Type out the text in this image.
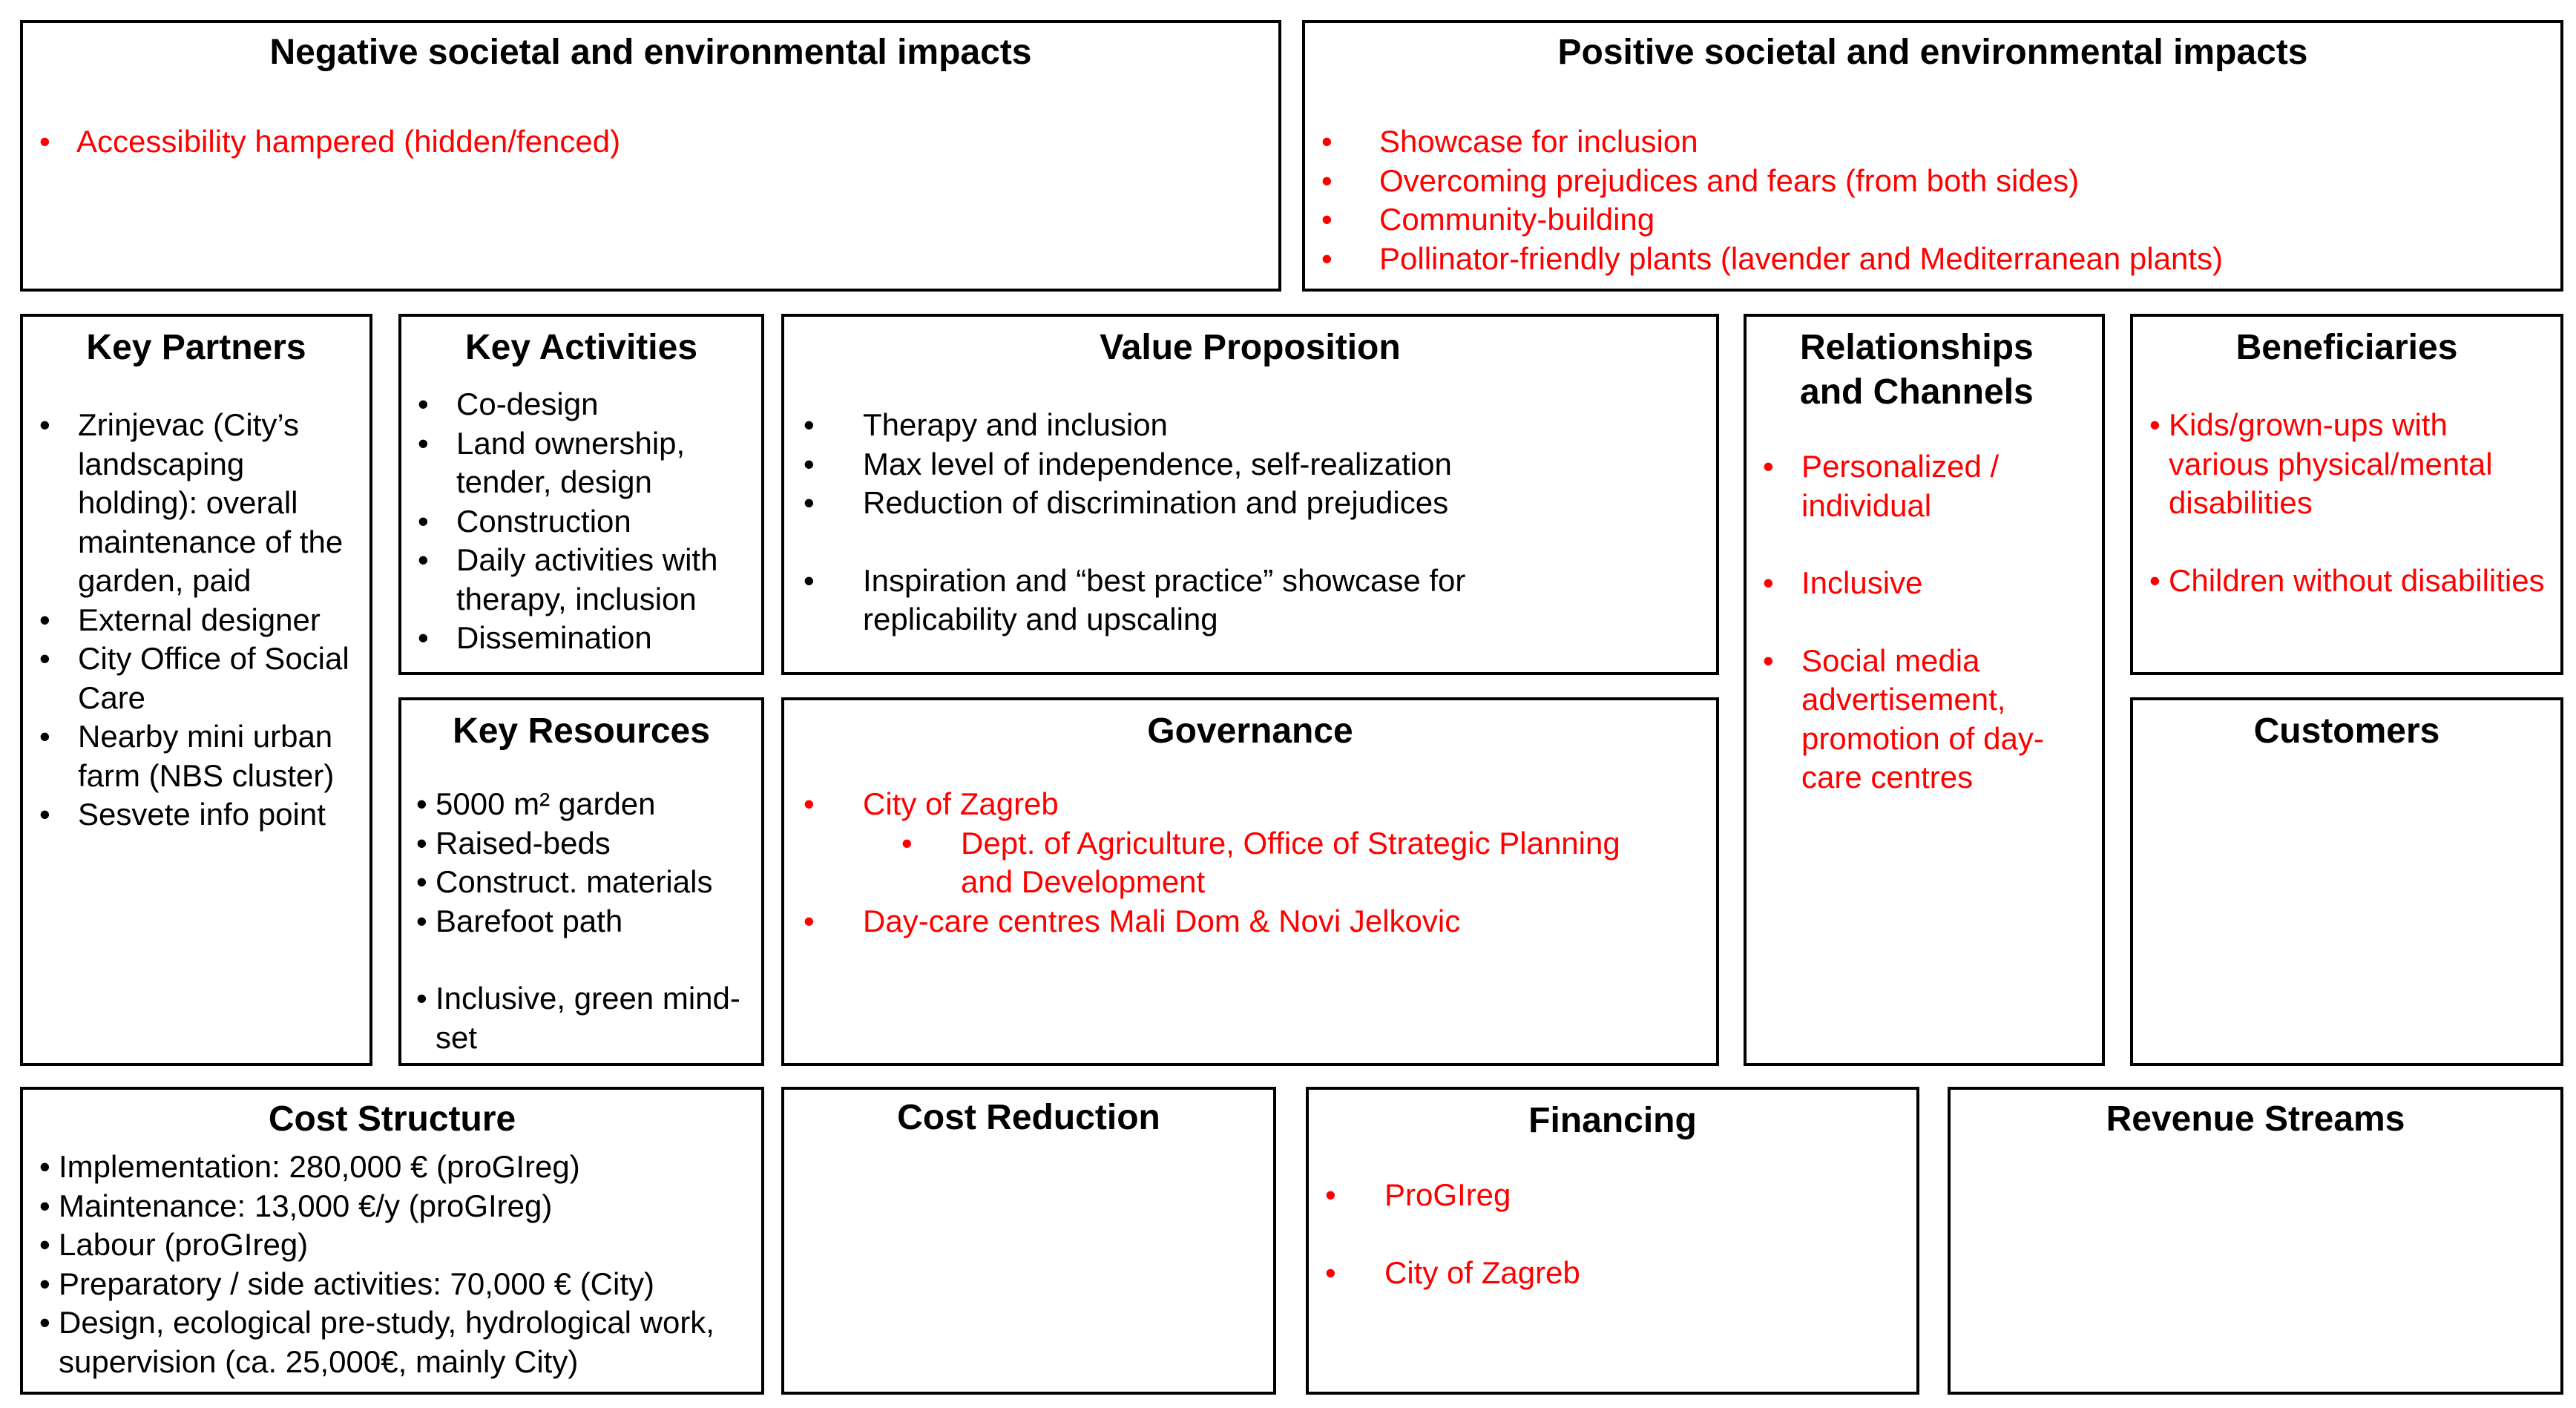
Negative societal and environmental impacts
• Accessibility hampered (hidden/fenced)
Positive societal and environmental impacts
• Showcase for inclusion
• Overcoming prejudices and fears (from both sides)
• Community-building
• Pollinator-friendly plants (lavender and Mediterranean plants)
Key Partners
• Zrinjevac (City’s landscaping holding): overall maintenance of the garden, paid
• External designer
• City Office of Social Care
• Nearby mini urban farm (NBS cluster)
• Sesvete info point
Key Activities
• Co-design
• Land ownership, tender, design
• Construction
• Daily activities with therapy, inclusion
• Dissemination
Key Resources
• 5000 m² garden
• Raised-beds
• Construct. materials
• Barefoot path
• Inclusive, green mind-set
Value Proposition
• Therapy and inclusion
• Max level of independence, self-realization
• Reduction of discrimination and prejudices
• Inspiration and “best practice” showcase for replicability and upscaling
Governance
• City of Zagreb
• Dept. of Agriculture, Office of Strategic Planning and Development
• Day-care centres Mali Dom & Novi Jelkovic
Relationships
and Channels
• Personalized / individual
• Inclusive
• Social media advertisement, promotion of day-care centres
Beneficiaries
• Kids/grown-ups with various physical/mental disabilities
• Children without disabilities
Customers
Cost Structure
• Implementation: 280,000 € (proGIreg)
• Maintenance: 13,000 €/y (proGIreg)
• Labour (proGIreg)
• Preparatory / side activities: 70,000 € (City)
• Design, ecological pre-study, hydrological work, supervision (ca. 25,000€, mainly City)
Cost Reduction	Financing
• ProGIreg
• City of Zagreb
Revenue Streams
